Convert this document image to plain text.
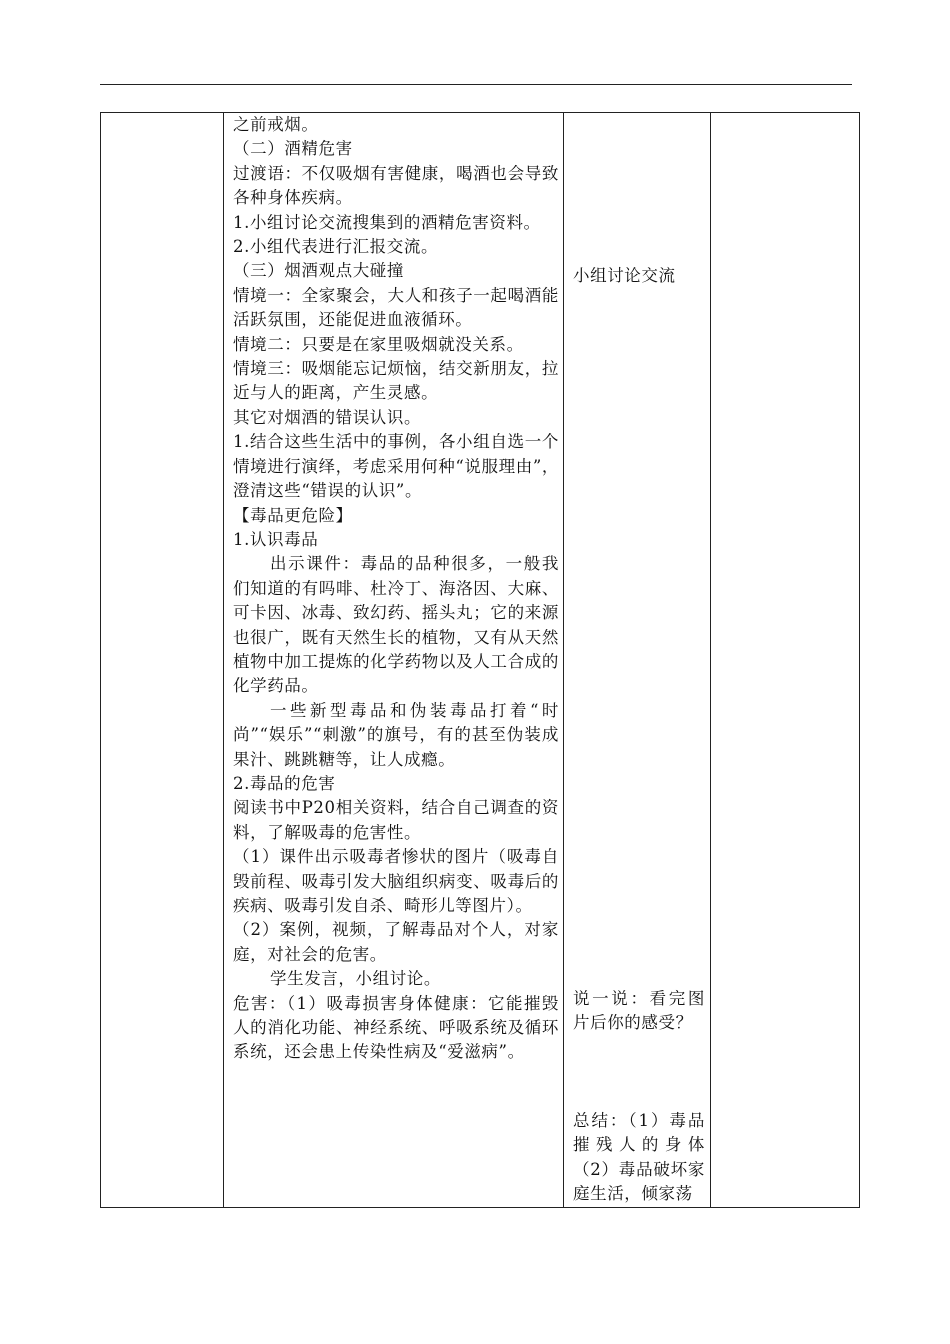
之前戒烟。

（二）酒精危害

过渡语：不仅吸烟有害健康，喝酒也会导致各种身体疾病。

1.小组讨论交流搜集到的酒精危害资料。

2.小组代表进行汇报交流。

（三）烟酒观点大碰撞

情境一：全家聚会，大人和孩子一起喝酒能活跃氛围，还能促进血液循环。

情境二：只要是在家里吸烟就没关系。

情境三：吸烟能忘记烦恼，结交新朋友，拉近与人的距离，产生灵感。

其它对烟酒的错误认识。

1.结合这些生活中的事例，各小组自选一个情境进行演绎，考虑采用何种“说服理由”，澄清这些“错误的认识”。

【毒品更危险】

1.认识毒品

出示课件：毒品的品种很多，一般我们知道的有吗啡、杜冷丁、海洛因、大麻、可卡因、冰毒、致幻药、摇头丸；它的来源也很广，既有天然生长的植物，又有从天然植物中加工提炼的化学药物以及人工合成的化学药品。

一些新型毒品和伪装毒品打着“时尚”“娱乐”“刺激”的旗号，有的甚至伪装成果汁、跳跳糖等，让人成瘾。

2.毒品的危害

阅读书中P20相关资料，结合自己调查的资料，了解吸毒的危害性。

（1）课件出示吸毒者惨状的图片（吸毒自毁前程、吸毒引发大脑组织病变、吸毒后的疾病、吸毒引发自杀、畸形儿等图片）。

（2）案例，视频，了解毒品对个人，对家庭，对社会的危害。

学生发言，小组讨论。

危害：（1）吸毒损害身体健康：它能摧毁人的消化功能、神经系统、呼吸系统及循环系统，还会患上传染性病及“爱滋病”。

小组讨论交流

说一说：看完图片后你的感受？

总结：（1）毒品摧残人的身体（2）毒品破坏家庭生活，倾家荡
